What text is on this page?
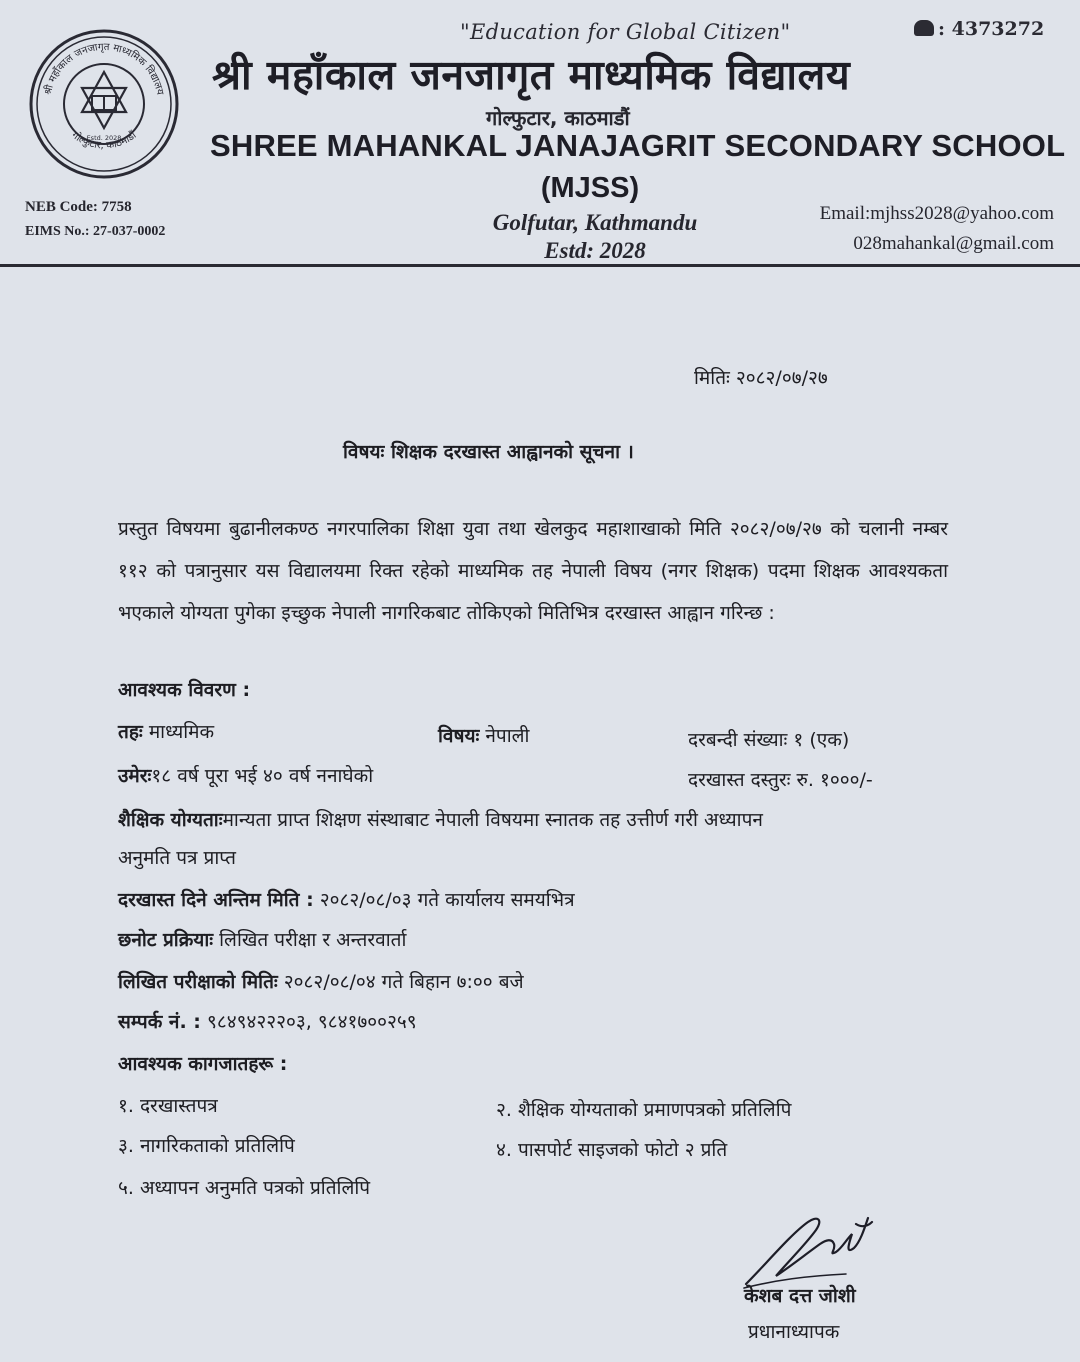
श्री महाँकाल जनजागृत माध्यमिक विद्यालय
गोल्फुटार, काठमाडौं
Estd. 2028
"Education for Global Citizen"	: 4373272
श्री महाँकाल जनजागृत माध्यमिक विद्यालय
गोल्फुटार, काठमाडौं
SHREE MAHANKAL JANAJAGRIT SECONDARY SCHOOL
(MJSS)
Golfutar, Kathmandu
Estd: 2028
NEB Code: 7758
EIMS No.: 27-037-0002
Email:mjhss2028@yahoo.com
028mahankal@gmail.com
मितिः २०८२/०७/२७
विषयः शिक्षक दरखास्त आह्वानको सूचना ।
प्रस्तुत विषयमा बुढानीलकण्ठ नगरपालिका शिक्षा युवा तथा खेलकुद महाशाखाको मिति २०८२/०७/२७ को चलानी नम्बर ११२ को पत्रानुसार यस विद्यालयमा रिक्त रहेको माध्यमिक तह नेपाली विषय (नगर शिक्षक) पदमा शिक्षक आवश्यकता भएकाले योग्यता पुगेका इच्छुक नेपाली नागरिकबाट तोकिएको मितिभित्र दरखास्त आह्वान गरिन्छ :
आवश्यक विवरण :
तहः माध्यमिक	विषयः नेपाली	दरबन्दी संख्याः १ (एक)
उमेरः१८ वर्ष पूरा भई ४० वर्ष ननाघेको	दरखास्त दस्तुरः रु. १०००/-
शैक्षिक योग्यताःमान्यता प्राप्त शिक्षण संस्थाबाट नेपाली विषयमा स्नातक तह उत्तीर्ण गरी अध्यापन
अनुमति पत्र प्राप्त
दरखास्त दिने अन्तिम मिति : २०८२/०८/०३ गते कार्यालय समयभित्र
छनोट प्रक्रियाः लिखित परीक्षा र अन्तरवार्ता
लिखित परीक्षाको मितिः २०८२/०८/०४ गते बिहान ७:०० बजे
सम्पर्क नं. : ९८४९४२२२०३, ९८४१७००२५९
आवश्यक कागजातहरू :
१. दरखास्तपत्र	२. शैक्षिक योग्यताको प्रमाणपत्रको प्रतिलिपि
३. नागरिकताको प्रतिलिपि	४. पासपोर्ट साइजको फोटो २ प्रति
५. अध्यापन अनुमति पत्रको प्रतिलिपि
केशब दत्त जोशी
प्रधानाध्यापक
